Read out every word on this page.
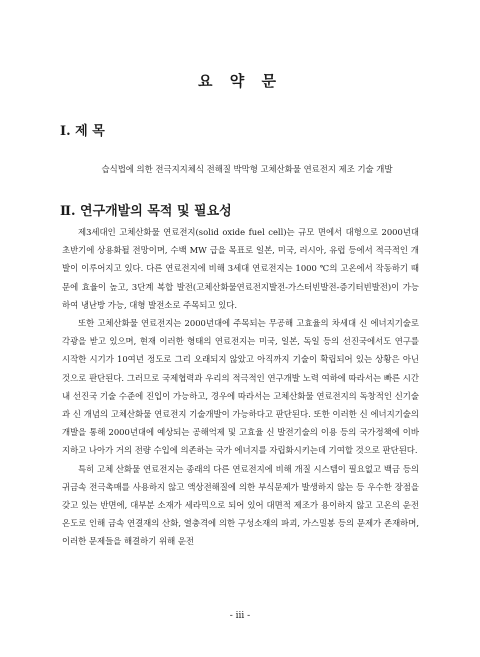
요 약 문
Ⅰ. 제 목
습식법에 의한 전극지지체식 전해질 박막형 고체산화물 연료전지 제조 기술 개발
Ⅱ. 연구개발의 목적 및 필요성

제3세대인 고체산화물 연료전지(solid oxide fuel cell)는 규모 면에서 대형으로 2000년대 초반기에 상용화될 전망이며, 수백 MW 급을 목표로 일본, 미국, 러시아, 유럽 등에서 적극적인 개발이 이루어지고 있다. 다른 연료전지에 비해 3세대 연료전지는 1000 ℃의 고온에서 작동하기 때문에 효율이 높고, 3단계 복합 발전(고체산화물연료전지발전-가스터빈발전-증기터빈발전)이 가능하여 냉난방 가능, 대형 발전소로 주목되고 있다.

또한 고체산화물 연료전지는 2000년대에 주목되는 무공해 고효율의 차세대 신 에너지기술로 각광을 받고 있으며, 현재 이러한 형태의 연료전지는 미국, 일본, 독일 등의 선진국에서도 연구를 시작한 시기가 10여년 정도로 그리 오래되지 않았고 아직까지 기술이 확립되어 있는 상황은 아닌 것으로 판단된다. 그러므로 국제협력과 우리의 적극적인 연구개발 노력 여하에 따라서는 빠른 시간 내 선진국 기술 수준에 진입이 가능하고, 경우에 따라서는 고체산화물 연료전지의 독창적인 신기술과 신 개념의 고체산화물 연료전지 기술개발이 가능하다고 판단된다. 또한 이러한 신 에너지기술의 개발을 통해 2000년대에 예상되는 공해억제 및 고효율 신 발전기술의 이용 등의 국가정책에 이바지하고 나아가 거의 전량 수입에 의존하는 국가 에너지를 자립화시키는데 기여할 것으로 판단된다.

특히 고체 산화물 연료전지는 종래의 다른 연료전지에 비해 개질 시스템이 필요없고 백금 등의 귀금속 전극촉매를 사용하지 않고 액상전해질에 의한 부식문제가 발생하지 않는 등 우수한 장점을 갖고 있는 반면에, 대부분 소재가 세라믹으로 되어 있어 대면적 제조가 용이하지 않고 고온의 운전온도로 인해 금속 연결재의 산화, 열충격에 의한 구성소재의 파괴, 가스밀봉 등의 문제가 존재하며, 이러한 문제들을 해결하기 위해 운전

- iii -
